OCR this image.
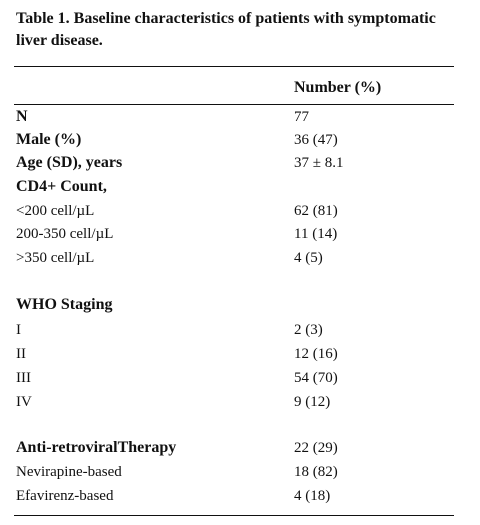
Table 1. Baseline characteristics of patients with symptomatic liver disease.
Number (%)
N	77
Male (%)	36 (47)
Age (SD), years	37 ± 8.1
CD4+ Count,
<200 cell/µL	62 (81)
200-350 cell/µL	11 (14)
>350 cell/µL	4 (5)
WHO Staging
I	2 (3)
II	12 (16)
III	54 (70)
IV	9 (12)
Anti-retroviralTherapy	22 (29)
Nevirapine-based	18 (82)
Efavirenz-based	4 (18)
